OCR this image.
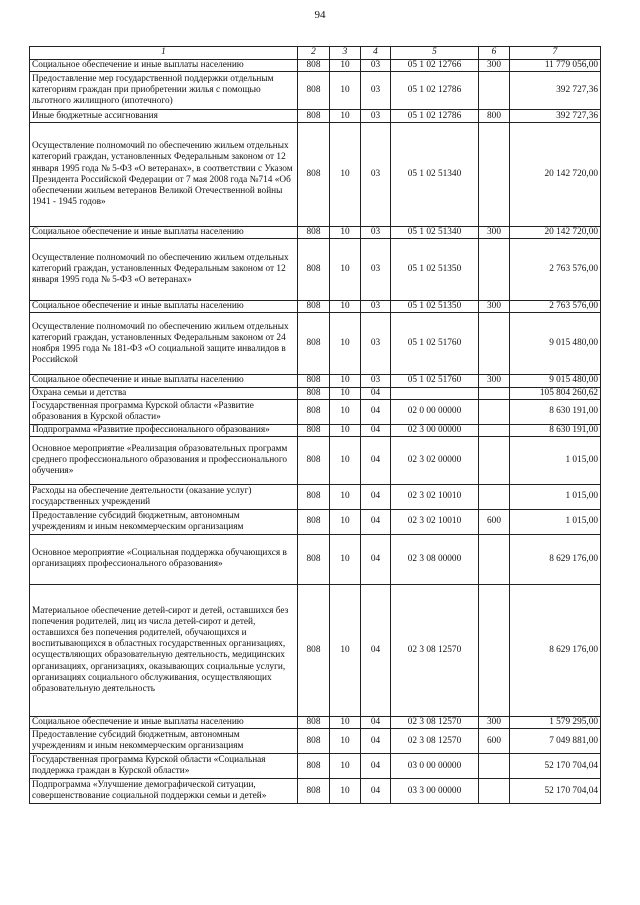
94
1	2	3	4	5	6	7
Социальное обеспечение и иные выплаты населению	808	10	03	05 1 02 12766	300	11 779 056,00
Предоставление мер государственной поддержки отдельным категориям граждан при приобретении жилья с помощью льготного жилищного (ипотечного)	808	10	03	05 1 02 12786		392 727,36
Иные бюджетные ассигнования	808	10	03	05 1 02 12786	800	392 727,36
Осуществление полномочий по обеспечению жильем отдельных категорий граждан, установленных Федеральным законом от 12 января 1995 года № 5-ФЗ «О ветеранах», в соответствии с Указом Президента Российской Федерации от 7 мая 2008 года №714 «Об обеспечении жильем ветеранов Великой Отечественной войны 1941 - 1945 годов»	808	10	03	05 1 02 51340		20 142 720,00
Социальное обеспечение и иные выплаты населению	808	10	03	05 1 02 51340	300	20 142 720,00
Осуществление полномочий по обеспечению жильем отдельных категорий граждан, установленных Федеральным законом от 12 января 1995 года № 5-ФЗ «О ветеранах»	808	10	03	05 1 02 51350		2 763 576,00
Социальное обеспечение и иные выплаты населению	808	10	03	05 1 02 51350	300	2 763 576,00

Осуществление полномочий по обеспечению жильем отдельных категорий граждан, установленных Федеральным законом от 24 ноября 1995 года № 181-ФЗ «О социальной защите инвалидов в Российской	808	10	03	05 1 02 51760		9 015 480,00
Социальное обеспечение и иные выплаты населению	808	10	03	05 1 02 51760	300	9 015 480,00
Охрана семьи и детства	808	10	04			105 804 260,62
Государственная программа Курской области «Развитие образования в Курской области»	808	10	04	02 0 00 00000		8 630 191,00
Подпрограмма «Развитие профессионального образования»	808	10	04	02 3 00 00000		8 630 191,00
Основное мероприятие «Реализация образовательных программ среднего профессионального образования и профессионального обучения»	808	10	04	02 3 02 00000		1 015,00
Расходы на обеспечение деятельности (оказание услуг) государственных учреждений	808	10	04	02 3 02 10010		1 015,00
Предоставление субсидий бюджетным, автономным учреждениям и иным некоммерческим организациям	808	10	04	02 3 02 10010	600	1 015,00
Основное мероприятие «Социальная поддержка обучающихся в организациях профессионального образования»	808	10	04	02 3 08 00000		8 629 176,00
Материальное обеспечение детей-сирот и детей, оставшихся без попечения родителей, лиц из числа детей-сирот и детей, оставшихся без попечения родителей, обучающихся и воспитывающихся в областных государственных организациях, осуществляющих образовательную деятельность, медицинских организациях, организациях, оказывающих социальные услуги, организациях социального обслуживания, осуществляющих образовательную деятельность	808	10	04	02 3 08 12570		8 629 176,00
Социальное обеспечение и иные выплаты населению	808	10	04	02 3 08 12570	300	1 579 295,00
Предоставление субсидий бюджетным, автономным учреждениям и иным некоммерческим организациям	808	10	04	02 3 08 12570	600	7 049 881,00
Государственная программа Курской области «Социальная поддержка граждан в Курской области»	808	10	04	03 0 00 00000		52 170 704,04
Подпрограмма «Улучшение демографической ситуации, совершенствование социальной поддержки семьи и детей»	808	10	04	03 3 00 00000		52 170 704,04
